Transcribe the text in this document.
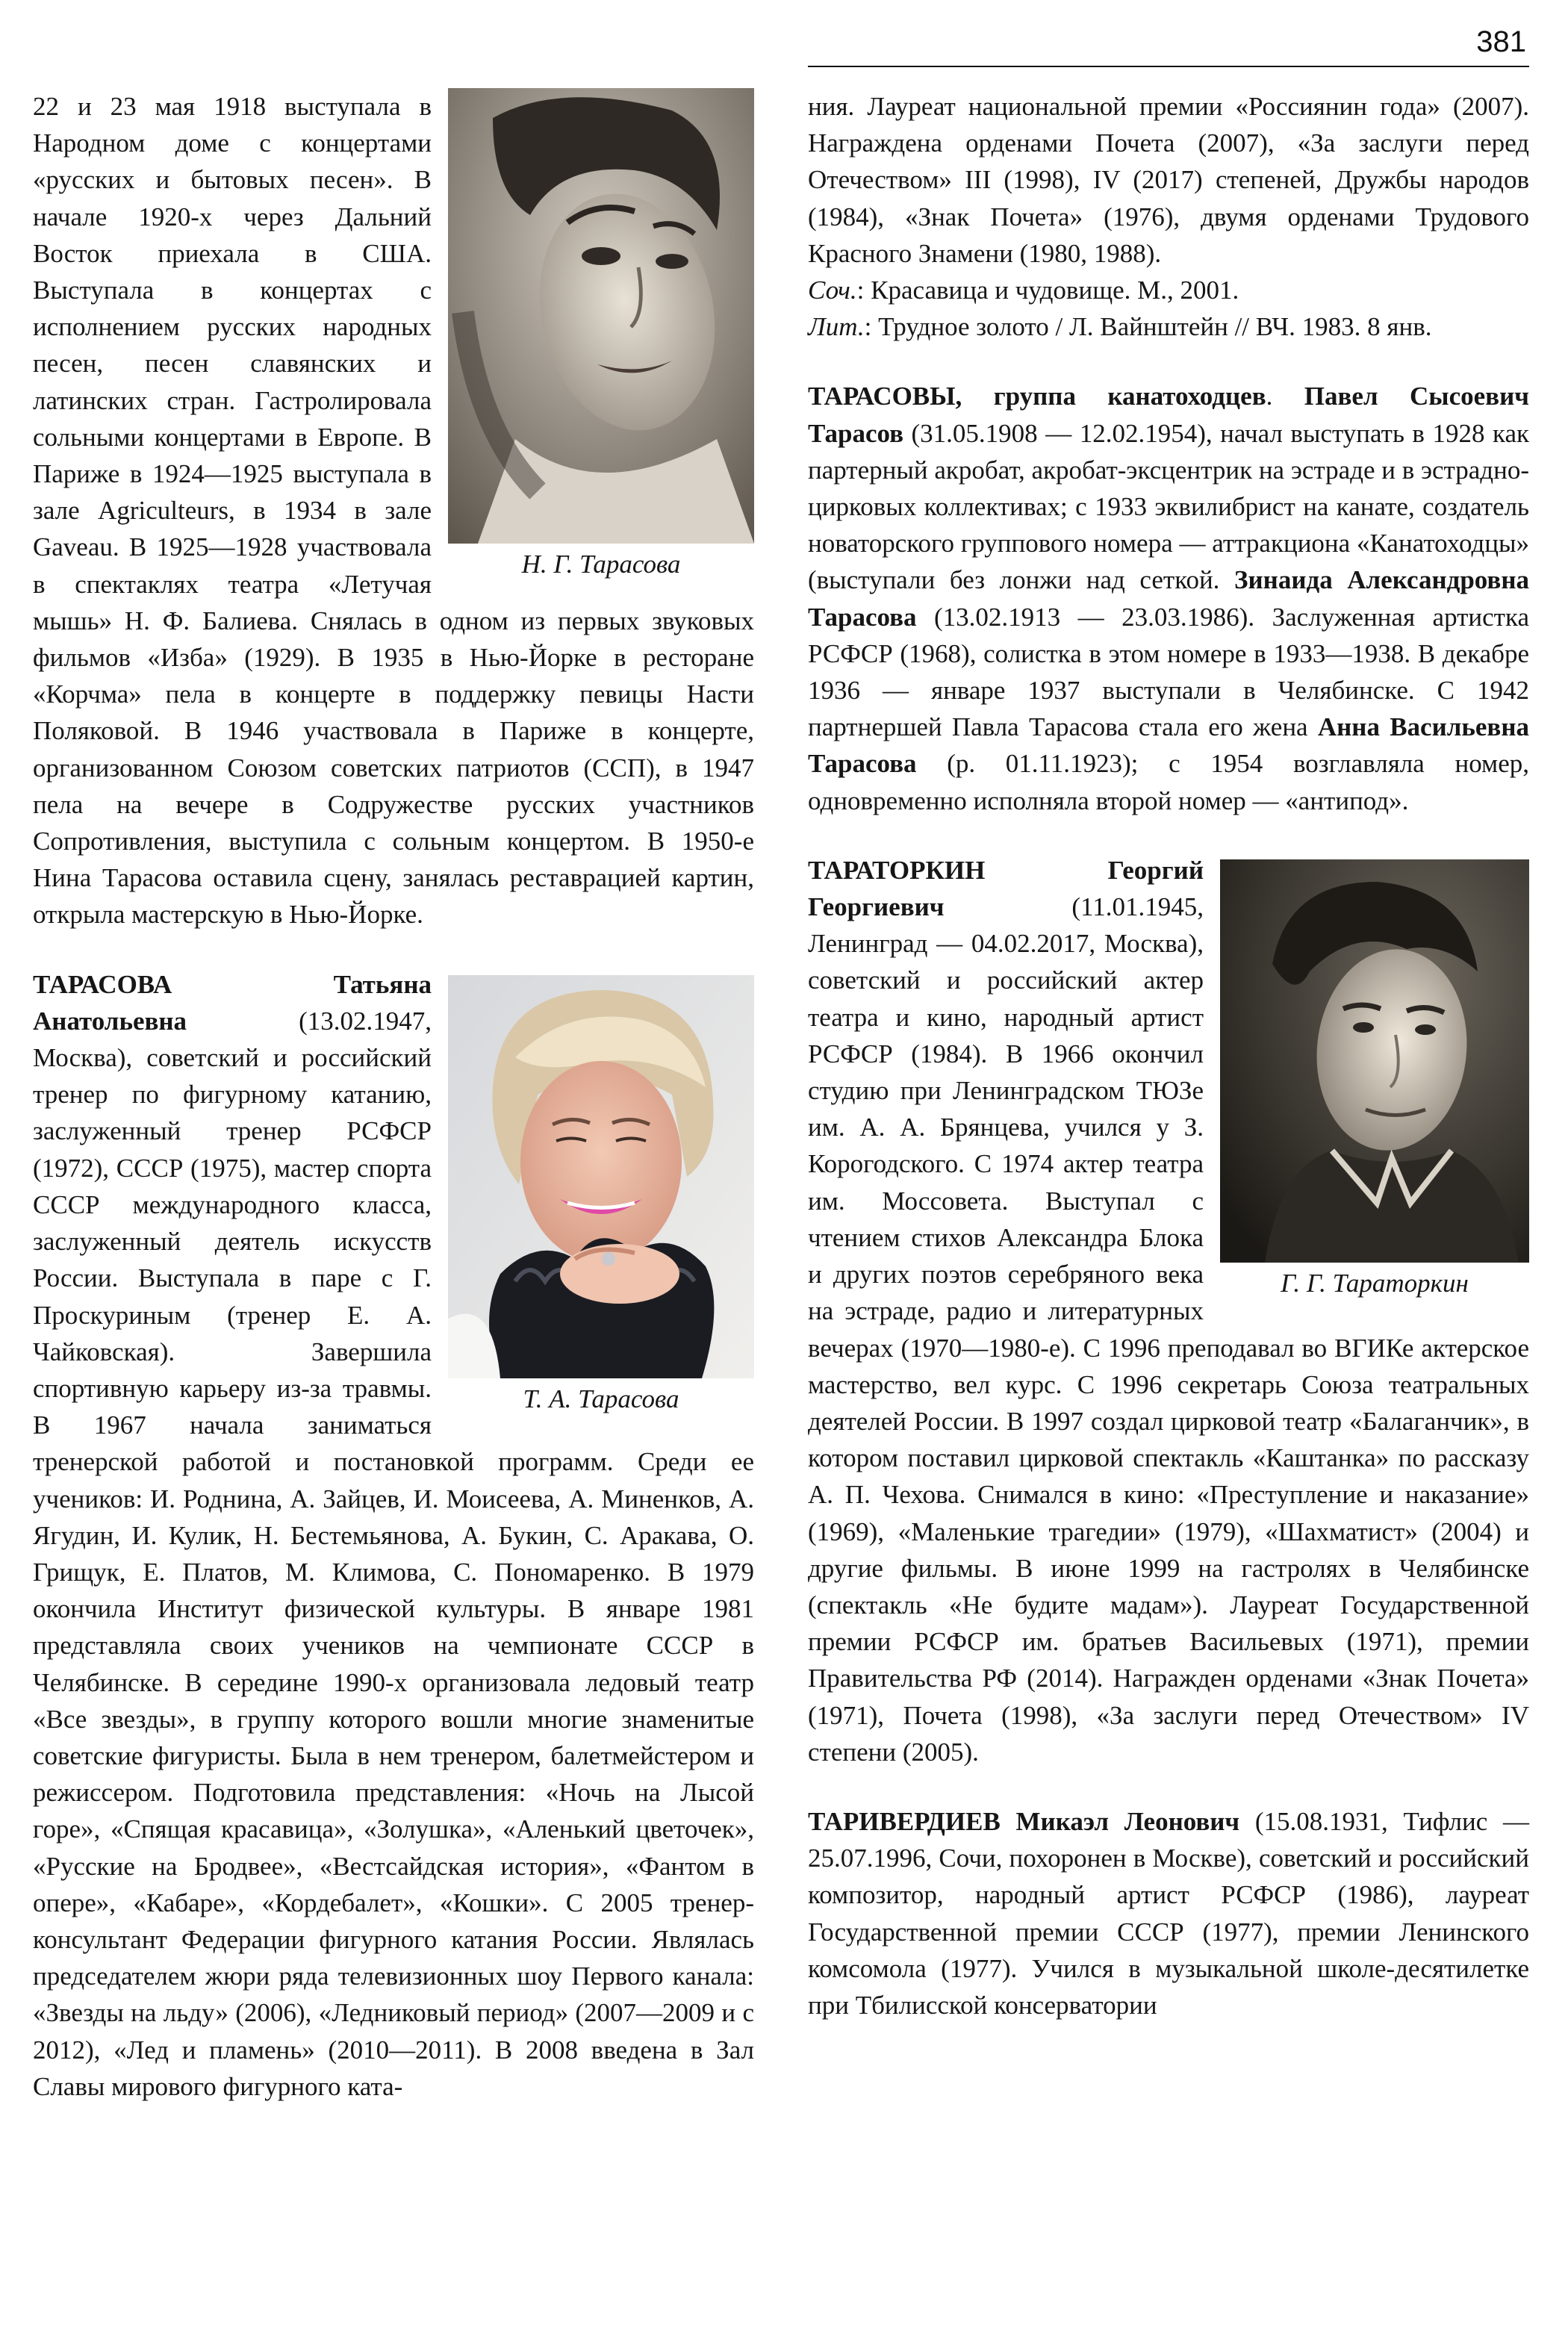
381
Н. Г. Тарасова

22 и 23 мая 1918 выступала в Народном доме с концертами «русских и бытовых песен». В начале 1920-х через Дальний Восток приехала в США. Выступала в концертах с исполнением русских народных песен, песен славянских и латинских стран. Гастролировала сольными концертами в Европе. В Париже в 1924—1925 выступала в зале Agriculteurs, в 1934 в зале Gaveau. В 1925—1928 участвовала в спектаклях театра «Летучая мышь» Н. Ф. Балиева. Снялась в одном из первых звуковых фильмов «Изба» (1929). В 1935 в Нью-Йорке в ресторане «Корчма» пела в концерте в поддержку певицы Насти Поляковой. В 1946 участвовала в Париже в концерте, организованном Союзом советских патриотов (ССП), в 1947 пела на вечере в Содружестве русских участников Сопротивления, выступила с сольным концертом. В 1950-е Нина Тарасова оставила сцену, занялась реставрацией картин, открыла мастерскую в Нью-Йорке.

Т. А. Тарасова

ТАРАСОВА Татьяна Анатольевна (13.02.1947, Москва), советский и российский тренер по фигурному катанию, заслуженный тренер РСФСР (1972), СССР (1975), мастер спорта СССР международного класса, заслуженный деятель искусств России. Выступала в паре с Г. Проскуриным (тренер Е. А. Чайковская). Завершила спортивную карьеру из-за травмы. В 1967 начала заниматься тренерской работой и постановкой программ. Среди ее учеников: И. Роднина, А. Зайцев, И. Моисеева, А. Миненков, А. Ягудин, И. Кулик, Н. Бестемьянова, А. Букин, С. Аракава, О. Грищук, Е. Платов, М. Климова, С. Пономаренко. В 1979 окончила Институт физической культуры. В январе 1981 представляла своих учеников на чемпионате СССР в Челябинске. В середине 1990-х организовала ледовый театр «Все звезды», в группу которого вошли многие знаменитые советские фигуристы. Была в нем тренером, балетмейстером и режиссером. Подготовила представления: «Ночь на Лысой горе», «Спящая красавица», «Золушка», «Аленький цветочек», «Русские на Бродвее», «Вестсайдская история», «Фантом в опере», «Кабаре», «Кордебалет», «Кошки». С 2005 тренер-консультант Федерации фигурного катания России. Являлась председателем жюри ряда телевизионных шоу Первого канала: «Звезды на льду» (2006), «Ледниковый период» (2007—2009 и с 2012), «Лед и пламень» (2010—2011). В 2008 введена в Зал Славы мирового фигурного ката-

ния. Лауреат национальной премии «Россиянин года» (2007). Награждена орденами Почета (2007), «За заслуги перед Отечеством» III (1998), IV (2017) степеней, Дружбы народов (1984), «Знак Почета» (1976), двумя орденами Трудового Красного Знамени (1980, 1988).

Соч.: Красавица и чудовище. М., 2001.

Лит.: Трудное золото / Л. Вайнштейн // ВЧ. 1983. 8 янв.

ТАРАСОВЫ, группа канатоходцев. Павел Сысоевич Тарасов (31.05.1908 — 12.02.1954), начал выступать в 1928 как партерный акробат, акробат-эксцентрик на эстраде и в эстрадно-цирковых коллективах; с 1933 эквилибрист на канате, создатель новаторского группового номера — аттракциона «Канатоходцы» (выступали без лонжи над сеткой. Зинаида Александровна Тарасова (13.02.1913 — 23.03.1986). Заслуженная артистка РСФСР (1968), солистка в этом номере в 1933—1938. В декабре 1936 — январе 1937 выступали в Челябинске. С 1942 партнершей Павла Тарасова стала его жена Анна Васильевна Тарасова (р. 01.11.1923); с 1954 возглавляла номер, одновременно исполняла второй номер — «антипод».

Г. Г. Тараторкин

ТАРАТОРКИН Георгий Георгиевич (11.01.1945, Ленинград — 04.02.2017, Москва), советский и российский актер театра и кино, народный артист РСФСР (1984). В 1966 окончил студию при Ленинградском ТЮЗе им. А. А. Брянцева, учился у З. Корогодского. С 1974 актер театра им. Моссовета. Выступал с чтением стихов Александра Блока и других поэтов серебряного века на эстраде, радио и литературных вечерах (1970—1980-е). С 1996 преподавал во ВГИКе актерское мастерство, вел курс. С 1996 секретарь Союза театральных деятелей России. В 1997 создал цирковой театр «Балаганчик», в котором поставил цирковой спектакль «Каштанка» по рассказу А. П. Чехова. Снимался в кино: «Преступление и наказание» (1969), «Маленькие трагедии» (1979), «Шахматист» (2004) и другие фильмы. В июне 1999 на гастролях в Челябинске (спектакль «Не будите мадам»). Лауреат Государственной премии РСФСР им. братьев Васильевых (1971), премии Правительства РФ (2014). Награжден орденами «Знак Почета» (1971), Почета (1998), «За заслуги перед Отечеством» IV степени (2005).

ТАРИВЕРДИЕВ Микаэл Леонович (15.08.1931, Тифлис — 25.07.1996, Сочи, похоронен в Москве), советский и российский композитор, народный артист РСФСР (1986), лауреат Государственной премии СССР (1977), премии Ленинского комсомола (1977). Учился в музыкальной школе-десятилетке при Тбилисской консерватории
